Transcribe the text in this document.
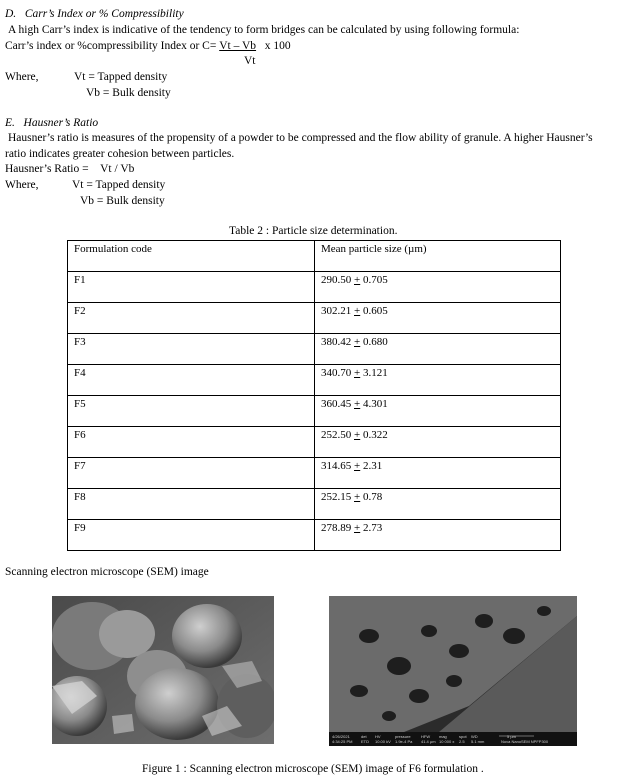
D. Carr’s Index or % Compressibility
A high Carr’s index is indicative of the tendency to form bridges can be calculated by using following formula:
Carr’s index or %compressibility Index or C= Vt – Vb x 100
Vt
Where,	Vt = Tapped density
Vb = Bulk density
E. Hausner’s Ratio
Hausner’s ratio is measures of the propensity of a powder to be compressed and the flow ability of granule. A higher Hausner’s
ratio indicates greater cohesion between particles.
Hausner’s Ratio = Vt / Vb
Where,	Vt = Tapped density
Vb = Bulk density
Table 2 : Particle size determination.
Formulation code	Mean particle size (µm)
F1	290.50 + 0.705
F2	302.21 + 0.605
F3	380.42 + 0.680
F4	340.70 + 3.121
F5	360.45 + 4.301
F6	252.50 + 0.322
F7	314.65 + 2.31
F8	252.15 + 0.78
F9	278.89 + 2.73
Scanning electron microscope (SEM) image
4/26/2021
4:34:25 PM
det
ETD
HV
10.00 kV
pressure
1.9e-4 Pa
HFW
41.4 µm
mag
10 000 x
spot
2.5
WD
5.1 mm
5 µm
Nova NanoSEM NPFP300
Figure 1 : Scanning electron microscope (SEM) image of F6 formulation .
